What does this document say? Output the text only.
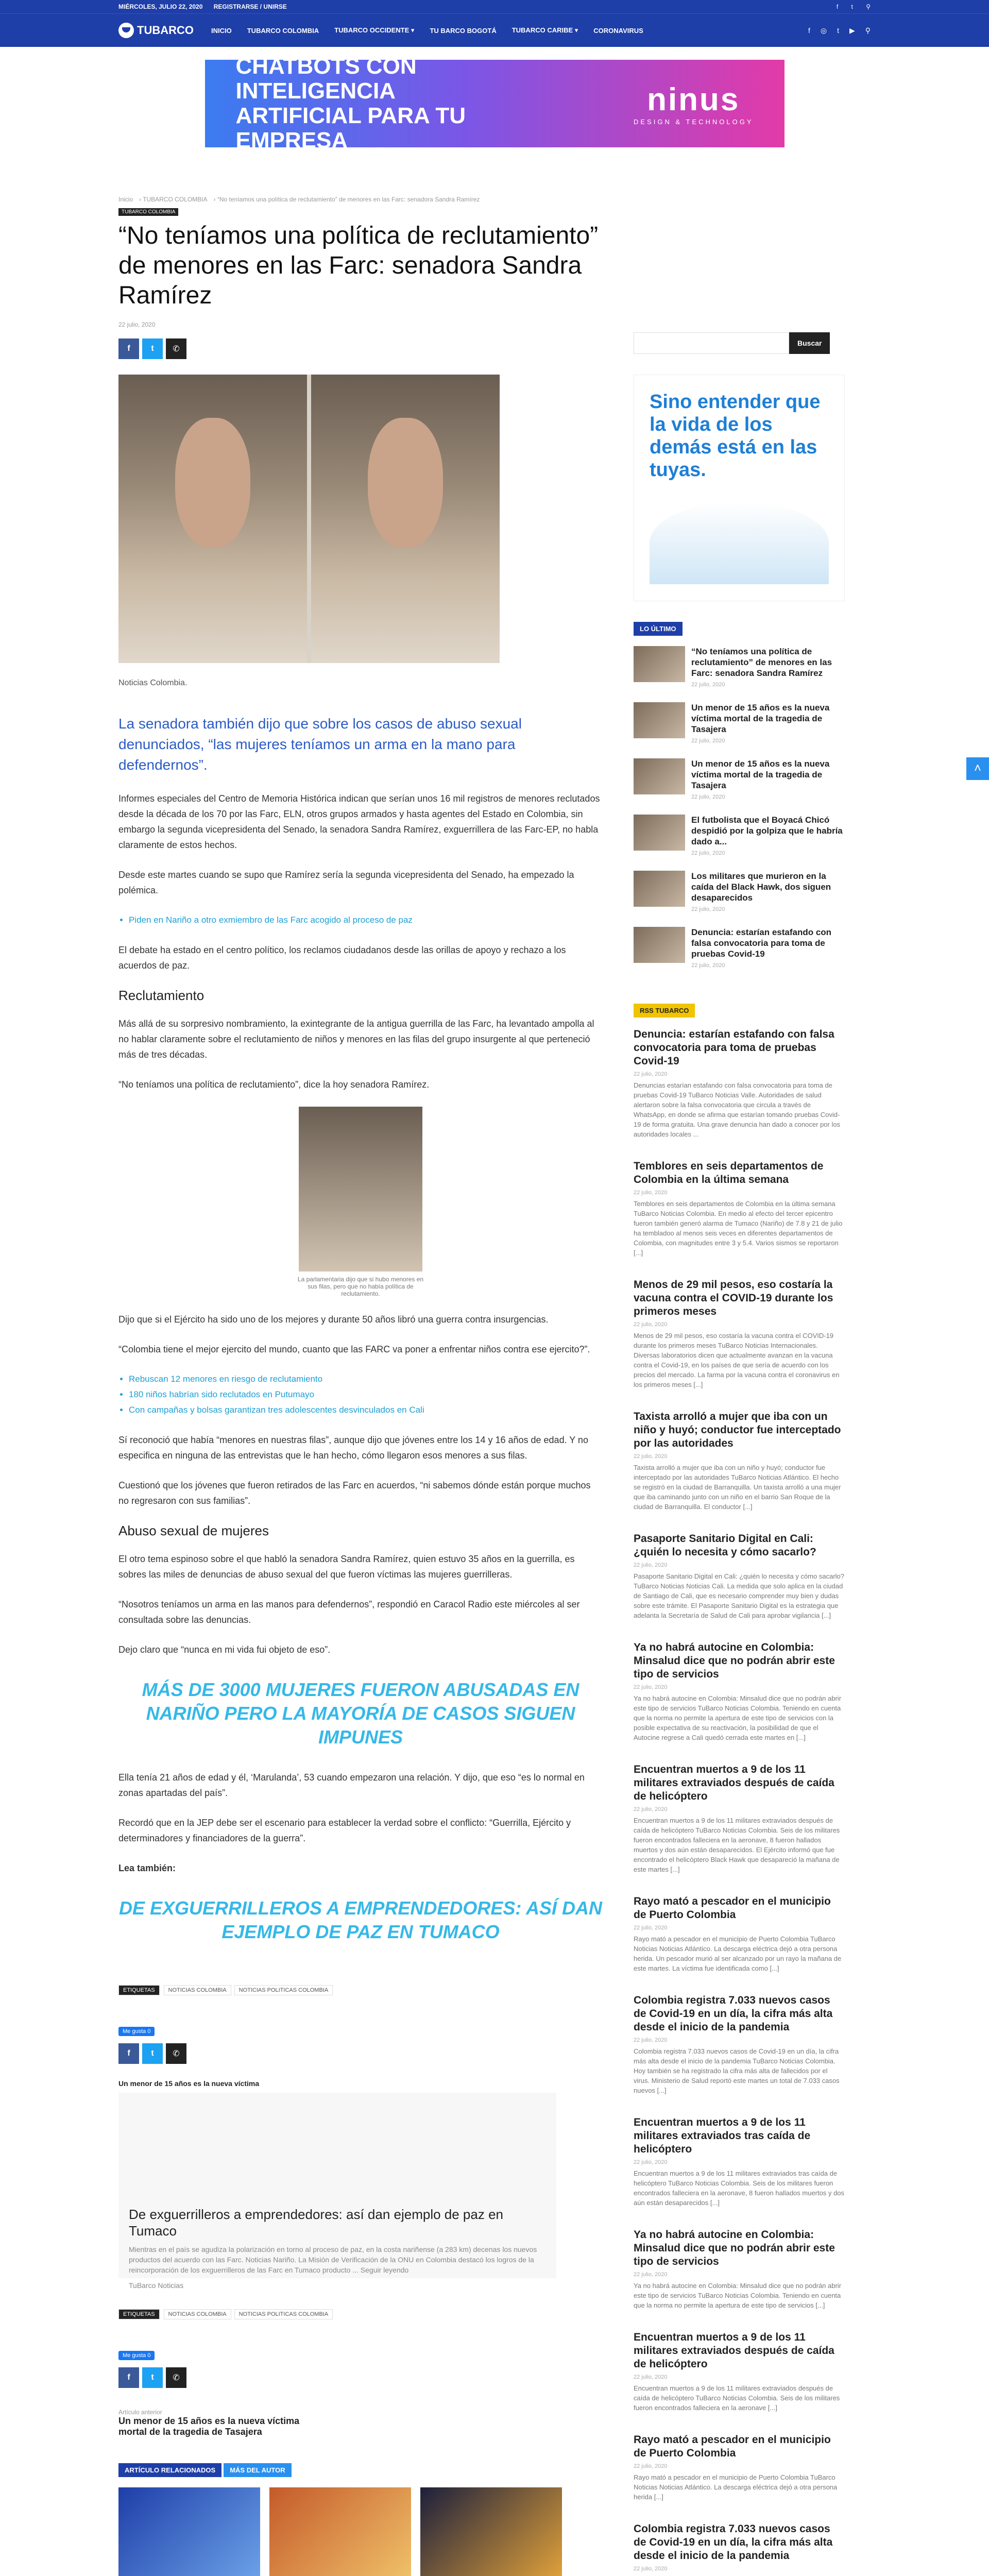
MIÉRCOLES, JULIO 22, 2020 REGISTRARSE / UNIRSE	f t ⚲
TUBARCO	INICIO TUBARCO COLOMBIA TUBARCO OCCIDENTE ▾ TU BARCO BOGOTÁ TUBARCO CARIBE ▾ CORONAVIRUS	f ◎ t ▶ ⚲
CHATBOTS CON INTELIGENCIA ARTIFICIAL PARA TU EMPRESA
ninus
DESIGN & TECHNOLOGY
Inicio › TUBARCO COLOMBIA › “No teníamos una política de reclutamiento” de menores en las Farc: senadora Sandra Ramírez
TUBARCO COLOMBIA
“No teníamos una política de reclutamiento” de menores en las Farc: senadora Sandra Ramírez
22 julio, 2020
f	t	✆
Noticias Colombia.
La senadora también dijo que sobre los casos de abuso sexual denunciados, “las mujeres teníamos un arma en la mano para defendernos”.

Informes especiales del Centro de Memoria Histórica indican que serían unos 16 mil registros de menores reclutados desde la década de los 70 por las Farc, ELN, otros grupos armados y hasta agentes del Estado en Colombia, sin embargo la segunda vicepresidenta del Senado, la senadora Sandra Ramírez, exguerrillera de las Farc-EP, no habla claramente de estos hechos.

Desde este martes cuando se supo que Ramírez sería la segunda vicepresidenta del Senado, ha empezado la polémica.

• Piden en Nariño a otro exmiembro de las Farc acogido al proceso de paz

El debate ha estado en el centro político, los reclamos ciudadanos desde las orillas de apoyo y rechazo a los acuerdos de paz.

Reclutamiento

Más allá de su sorpresivo nombramiento, la exintegrante de la antigua guerrilla de las Farc, ha levantado ampolla al no hablar claramente sobre el reclutamiento de niños y menores en las filas del grupo insurgente al que perteneció más de tres décadas.

“No teníamos una política de reclutamiento”, dice la hoy senadora Ramírez.

La parlamentaria dijo que si hubo menores en sus filas, pero que no había política de reclutamiento.

Dijo que si el Ejército ha sido uno de los mejores y durante 50 años libró una guerra contra insurgencias.

“Colombia tiene el mejor ejercito del mundo, cuanto que las FARC va poner a enfrentar niños contra ese ejercito?”.

• Rebuscan 12 menores en riesgo de reclutamiento
• 180 niños habrían sido reclutados en Putumayo
• Con campañas y bolsas garantizan tres adolescentes desvinculados en Cali

Sí reconoció que había “menores en nuestras filas”, aunque dijo que jóvenes entre los 14 y 16 años de edad. Y no especifica en ninguna de las entrevistas que le han hecho, cómo llegaron esos menores a sus filas.

Cuestionó que los jóvenes que fueron retirados de las Farc en acuerdos, “ni sabemos dónde están porque muchos no regresaron con sus familias”.

Abuso sexual de mujeres

El otro tema espinoso sobre el que habló la senadora Sandra Ramírez, quien estuvo 35 años en la guerrilla, es sobres las miles de denuncias de abuso sexual del que fueron víctimas las mujeres guerrilleras.

“Nosotros teníamos un arma en las manos para defendernos”, respondió en Caracol Radio este miércoles al ser consultada sobre las denuncias.

Dejo claro que “nunca en mi vida fui objeto de eso”.

MÁS DE 3000 MUJERES FUERON ABUSADAS EN NARIÑO PERO LA MAYORÍA DE CASOS SIGUEN IMPUNES

Ella tenía 21 años de edad y él, ‘Marulanda’, 53 cuando empezaron una relación. Y dijo, que eso “es lo normal en zonas apartadas del país”.

Recordó que en la JEP debe ser el escenario para establecer la verdad sobre el conflicto: “Guerrilla, Ejército y determinadores y financiadores de la guerra”.

Lea también:

DE EXGUERRILLEROS A EMPRENDEDORES: ASÍ DAN EJEMPLO DE PAZ EN TUMACO
ETIQUETAS	NOTICIAS COLOMBIA	NOTICIAS POLITICAS COLOMBIA
Me gusta 0
f	t	✆
Un menor de 15 años es la nueva víctima
De exguerrilleros a emprendedores: así dan ejemplo de paz en Tumaco
Mientras en el país se agudiza la polarización en torno al proceso de paz, en la costa nariñense (a 283 km) decenas los nuevos productos del acuerdo con las Farc. Noticias Nariño. La Misión de Verificación de la ONU en Colombia destacó los logros de la reincorporación de los exguerrilleros de las Farc en Tumaco producto ... Seguir leyendo
TuBarco Noticias
ETIQUETAS	NOTICIAS COLOMBIA	NOTICIAS POLITICAS COLOMBIA
Me gusta 0
f	t	✆
Artículo anterior
Un menor de 15 años es la nueva víctima mortal de la tragedia de Tasajera
ARTÍCULO RELACIONADOS	MÁS DEL AUTOR
Buscar
Sino entender que la vida de los demás está en las tuyas.
LO ÚLTIMO
“No teníamos una política de reclutamiento” de menores en las Farc: senadora Sandra Ramírez
22 julio, 2020
Un menor de 15 años es la nueva víctima mortal de la tragedia de Tasajera
22 julio, 2020
Un menor de 15 años es la nueva víctima mortal de la tragedia de Tasajera
22 julio, 2020
El futbolista que el Boyacá Chicó despidió por la golpiza que le habría dado a...
22 julio, 2020
Los militares que murieron en la caída del Black Hawk, dos siguen desaparecidos
22 julio, 2020
Denuncia: estarían estafando con falsa convocatoria para toma de pruebas Covid-19
22 julio, 2020
RSS TUBARCO
Denuncia: estarían estafando con falsa convocatoria para toma de pruebas Covid-19
22 julio, 2020
Denuncias estarían estafando con falsa convocatoria para toma de pruebas Covid-19 TuBarco Noticias Valle. Autoridades de salud alertaron sobre la falsa convocatoria que circula a través de WhatsApp, en donde se afirma que estarían tomando pruebas Covid-19 de forma gratuita. Una grave denuncia han dado a conocer por los autoridades locales ...
Temblores en seis departamentos de Colombia en la última semana
22 julio, 2020
Temblores en seis departamentos de Colombia en la última semana TuBarco Noticias Colombia. En medio al efecto del tercer epicentro fueron también generó alarma de Tumaco (Nariño) de 7.8 y 21 de julio ha tembladoo al menos seis veces en diferentes departamentos de Colombia, con magnitudes entre 3 y 5.4. Varios sismos se reportaron [...]
Menos de 29 mil pesos, eso costaría la vacuna contra el COVID-19 durante los primeros meses
22 julio, 2020
Menos de 29 mil pesos, eso costaría la vacuna contra el COVID-19 durante los primeros meses TuBarco Noticias Internacionales. Diversas laboratorios dicen que actualmente avanzan en la vacuna contra el Covid-19, en los países de que sería de acuerdo con los precios del mercado. La farma por la vacuna contra el coronavirus en los primeros meses [...]
Taxista arrolló a mujer que iba con un niño y huyó; conductor fue interceptado por las autoridades
22 julio, 2020
Taxista arrolló a mujer que iba con un niño y huyó; conductor fue interceptado por las autoridades TuBarco Noticias Atlántico. El hecho se registró en la ciudad de Barranquilla. Un taxista arrolló a una mujer que iba caminando junto con un niño en el barrio San Roque de la ciudad de Barranquilla. El conductor [...]
Pasaporte Sanitario Digital en Cali: ¿quién lo necesita y cómo sacarlo?
22 julio, 2020
Pasaporte Sanitario Digital en Cali: ¿quién lo necesita y cómo sacarlo? TuBarco Noticias Noticias Cali. La medida que solo aplica en la ciudad de Santiago de Cali, que es necesario comprender muy bien y dudas sobre este trámite. El Pasaporte Sanitario Digital es la estrategia que adelanta la Secretaría de Salud de Cali para aprobar vigilancia [...]
Ya no habrá autocine en Colombia: Minsalud dice que no podrán abrir este tipo de servicios
22 julio, 2020
Ya no habrá autocine en Colombia: Minsalud dice que no podrán abrir este tipo de servicios TuBarco Noticias Colombia. Teniendo en cuenta que la norma no permite la apertura de este tipo de servicios con la posible expectativa de su reactivación, la posibilidad de que el Autocine regrese a Cali quedó cerrada este martes en [...]
Encuentran muertos a 9 de los 11 militares extraviados después de caída de helicóptero
22 julio, 2020
Encuentran muertos a 9 de los 11 militares extraviados después de caída de helicóptero TuBarco Noticias Colombia. Seis de los militares fueron encontrados falleciera en la aeronave, 8 fueron hallados muertos y dos aún están desaparecidos. El Ejército informó que fue encontrado el helicóptero Black Hawk que desapareció la mañana de este martes [...]
Rayo mató a pescador en el municipio de Puerto Colombia
22 julio, 2020
Rayo mató a pescador en el municipio de Puerto Colombia TuBarco Noticias Noticias Atlántico. La descarga eléctrica dejó a otra persona herida. Un pescador murió al ser alcanzado por un rayo la mañana de este martes. La víctima fue identificada como [...]
Colombia registra 7.033 nuevos casos de Covid-19 en un día, la cifra más alta desde el inicio de la pandemia
22 julio, 2020
Colombia registra 7.033 nuevos casos de Covid-19 en un día, la cifra más alta desde el inicio de la pandemia TuBarco Noticias Colombia. Hoy también se ha registrado la cifra más alta de fallecidos por el virus. Ministerio de Salud reportó este martes un total de 7.033 casos nuevos [...]
Encuentran muertos a 9 de los 11 militares extraviados tras caída de helicóptero
22 julio, 2020
Encuentran muertos a 9 de los 11 militares extraviados tras caída de helicóptero TuBarco Noticias Colombia. Seis de los militares fueron encontrados falleciera en la aeronave, 8 fueron hallados muertos y dos aún están desaparecidos [...]
Ya no habrá autocine en Colombia: Minsalud dice que no podrán abrir este tipo de servicios
22 julio, 2020
Ya no habrá autocine en Colombia: Minsalud dice que no podrán abrir este tipo de servicios TuBarco Noticias Colombia. Teniendo en cuenta que la norma no permite la apertura de este tipo de servicios [...]
Encuentran muertos a 9 de los 11 militares extraviados después de caída de helicóptero
22 julio, 2020
Encuentran muertos a 9 de los 11 militares extraviados después de caída de helicóptero TuBarco Noticias Colombia. Seis de los militares fueron encontrados falleciera en la aeronave [...]
Rayo mató a pescador en el municipio de Puerto Colombia
22 julio, 2020
Rayo mató a pescador en el municipio de Puerto Colombia TuBarco Noticias Noticias Atlántico. La descarga eléctrica dejó a otra persona herida [...]
Colombia registra 7.033 nuevos casos de Covid-19 en un día, la cifra más alta desde el inicio de la pandemia
22 julio, 2020
˄
